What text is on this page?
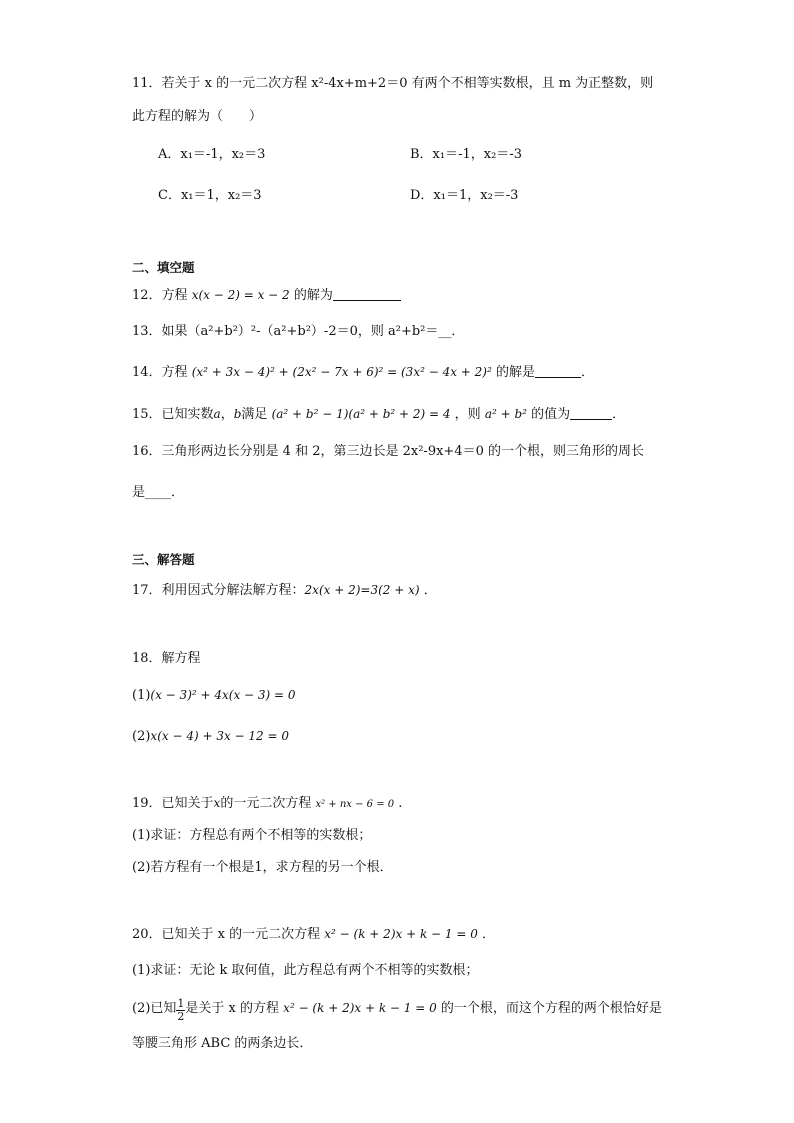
11．若关于 x 的一元二次方程 x²-4x+m+2＝0 有两个不相等实数根，且 m 为正整数，则
此方程的解为（　　）
A．x₁＝-1，x₂＝3	B．x₁＝-1，x₂＝-3
C．x₁＝1，x₂＝3	D．x₁＝1，x₂＝-3
二、填空题
12．方程 x(x − 2) = x − 2 的解为
13．如果（a²+b²）²-（a²+b²）-2＝0，则 a²+b²＝__．
14．方程 (x² + 3x − 4)² + (2x² − 7x + 6)² = (3x² − 4x + 2)² 的解是	．
15．已知实数a，b满足 (a² + b² − 1)(a² + b² + 2) = 4 ，则 a² + b² 的值为	．
16．三角形两边长分别是 4 和 2，第三边长是 2x²-9x+4＝0 的一个根，则三角形的周长
是____．
三、解答题
17．利用因式分解法解方程：2x(x + 2)=3(2 + x) ．
18．解方程
(1)(x − 3)² + 4x(x − 3) = 0
(2)x(x − 4) + 3x − 12 = 0
19．已知关于x的一元二次方程 x² + nx − 6 = 0 .
(1)求证：方程总有两个不相等的实数根；
(2)若方程有一个根是1，求方程的另一个根．
20．已知关于 x 的一元二次方程 x² − (k + 2)x + k − 1 = 0 ．
(1)求证：无论 k 取何值，此方程总有两个不相等的实数根；
(2)已知 $\frac{1}{2}$ 是关于 x 的方程 x² − (k + 2)x + k − 1 = 0 的一个根，而这个方程的两个根恰好是
等腰三角形 ABC 的两条边长．
